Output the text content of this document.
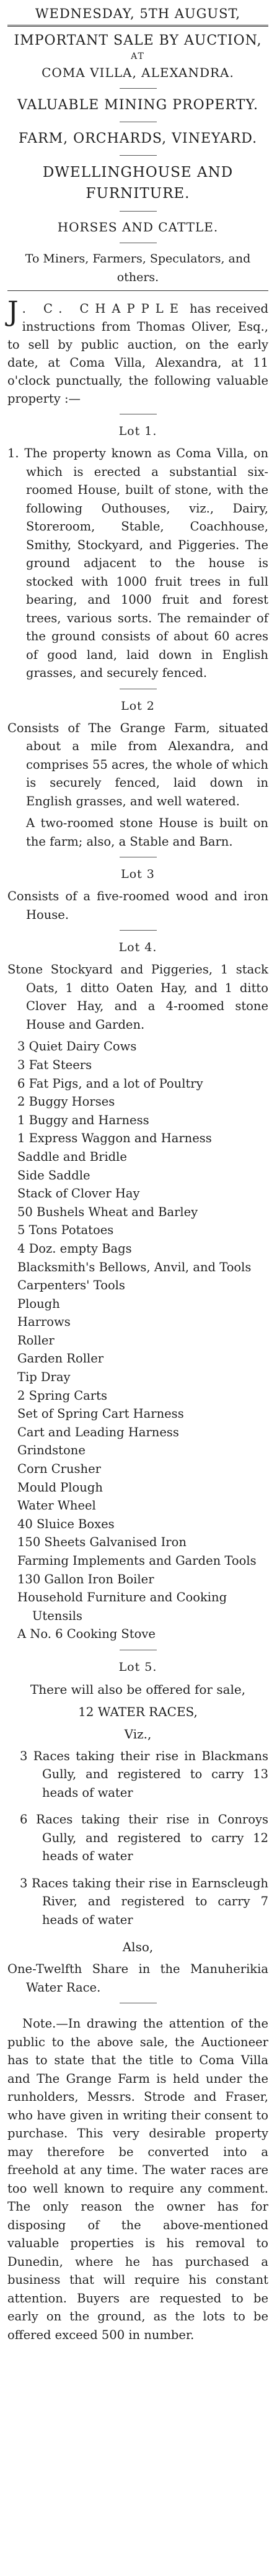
WEDNESDAY, 5TH AUGUST,
IMPORTANT SALE BY AUCTION,
AT
COMA VILLA, ALEXANDRA.
VALUABLE MINING PROPERTY.
FARM, ORCHARDS, VINEYARD.
DWELLINGHOUSE AND FURNITURE.
HORSES AND CATTLE.
To Miners, Farmers, Speculators, and others.
J . C. CHAPPLE has received instructions from Thomas Oliver, Esq., to sell by public auction, on the early date, at Coma Villa, Alexandra, at 11 o'clock punctually, the following valuable property :—
Lot 1.
1. The property known as Coma Villa, on which is erected a substantial six-roomed House, built of stone, with the following Outhouses, viz., Dairy, Storeroom, Stable, Coachhouse, Smithy, Stockyard, and Piggeries. The ground adjacent to the house is stocked with 1000 fruit trees in full bearing, and 1000 fruit and forest trees, various sorts. The remainder of the ground consists of about 60 acres of good land, laid down in English grasses, and securely fenced.
Lot 2
Consists of The Grange Farm, situated about a mile from Alexandra, and comprises 55 acres, the whole of which is securely fenced, laid down in English grasses, and well watered.
A two-roomed stone House is built on the farm; also, a Stable and Barn.
Lot 3
Consists of a five-roomed wood and iron House.
Lot 4.
Stone Stockyard and Piggeries, 1 stack Oats, 1 ditto Oaten Hay, and 1 ditto Clover Hay, and a 4-roomed stone House and Garden.
3 Quiet Dairy Cows
3 Fat Steers
6 Fat Pigs, and a lot of Poultry
2 Buggy Horses
1 Buggy and Harness
1 Express Waggon and Harness
Saddle and Bridle
Side Saddle
Stack of Clover Hay
50 Bushels Wheat and Barley
5 Tons Potatoes
4 Doz. empty Bags
Blacksmith's Bellows, Anvil, and Tools
Carpenters' Tools
Plough
Harrows
Roller
Garden Roller
Tip Dray
2 Spring Carts
Set of Spring Cart Harness
Cart and Leading Harness
Grindstone
Corn Crusher
Mould Plough
Water Wheel
40 Sluice Boxes
150 Sheets Galvanised Iron
Farming Implements and Garden Tools
130 Gallon Iron Boiler
Household Furniture and Cooking Utensils
A No. 6 Cooking Stove
Lot 5.
There will also be offered for sale,
12 WATER RACES,
Viz.,
3 Races taking their rise in Blackmans Gully, and registered to carry 13 heads of water
6 Races taking their rise in Conroys Gully, and registered to carry 12 heads of water
3 Races taking their rise in Earnscleugh River, and registered to carry 7 heads of water
Also,
One-Twelfth Share in the Manuherikia Water Race.
Note.—In drawing the attention of the public to the above sale, the Auctioneer has to state that the title to Coma Villa and The Grange Farm is held under the runholders, Messrs. Strode and Fraser, who have given in writing their consent to purchase. This very desirable property may therefore be converted into a freehold at any time. The water races are too well known to require any comment. The only reason the owner has for disposing of the above-mentioned valuable properties is his removal to Dunedin, where he has purchased a business that will require his constant attention. Buyers are requested to be early on the ground, as the lots to be offered exceed 500 in number.
